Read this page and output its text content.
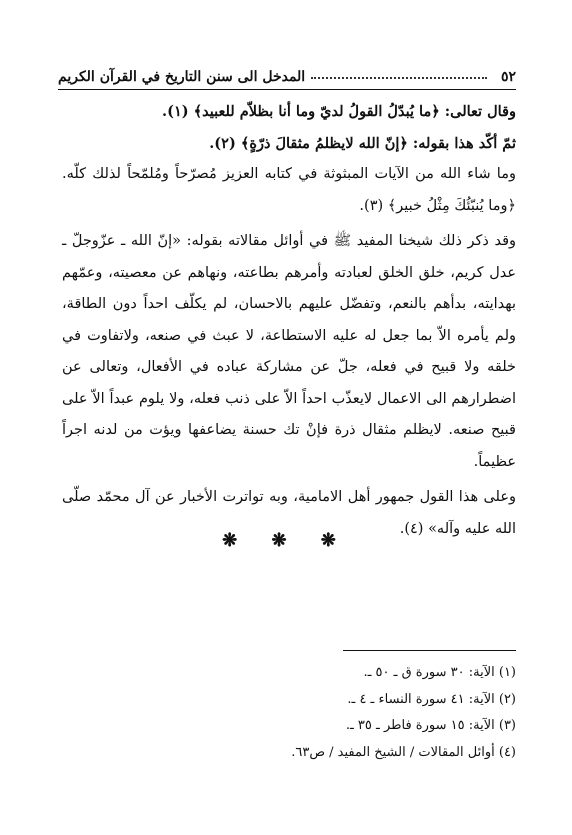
٥٢
المدخل الى سنن التاريخ في القرآن الكريم

وقال تعالى: ﴿ما يُبدّلُ القولُ لديّ وما أنا بظلاّم للعبيد﴾ (١).

ثمّ أكّد هذا بقوله: ﴿إنّ الله لايظلمُ مثقالَ ذرّةٍ﴾ (٢).

وما شاء الله من الآيات المبثوثة في كتابه العزيز مُصرّحاً ومُلمّحاً لذلك كلّه. ﴿وما يُنبّئُكَ مِثْلُ خبير﴾ (٣).

وقد ذكر ذلك شيخنا المفيد ﷺ في أوائل مقالاته بقوله: «إنّ الله ـ عزّوجلّ ـ عدل كريم، خلق الخلق لعبادته وأمرهم بطاعته، ونهاهم عن معصيته، وعمّهم بهدايته، بدأهم بالنعم، وتفضّل عليهم بالاحسان، لم يكلّف احداً دون الطاقة، ولم يأمره الاّ بما جعل له عليه الاستطاعة، لا عبث في صنعه، ولاتفاوت في خلقه ولا قبيح في فعله، جلّ عن مشاركة عباده في الأفعال، وتعالى عن اضطرارهم الى الاعمال لايعذّب احداً الاّ على ذنب فعله، ولا يلوم عبداً الاّ على قبيح صنعه. لايظلم مثقال ذرة فإنْ تك حسنة يضاعفها ويؤت من لدنه اجراً عظيماً.

وعلى هذا القول جمهور أهل الامامية، وبه تواترت الأخبار عن آل محمّد صلّى الله عليه وآله» (٤).

❋ ❋ ❋

(١) الآية: ٣٠ سورة ق ـ ٥٠ ـ.

(٢) الآية: ٤١ سورة النساء ـ ٤ ـ.

(٣) الآية: ١٥ سورة فاطر ـ ٣٥ ـ.

(٤) أوائل المقالات / الشيخ المفيد / ص٦٣.
